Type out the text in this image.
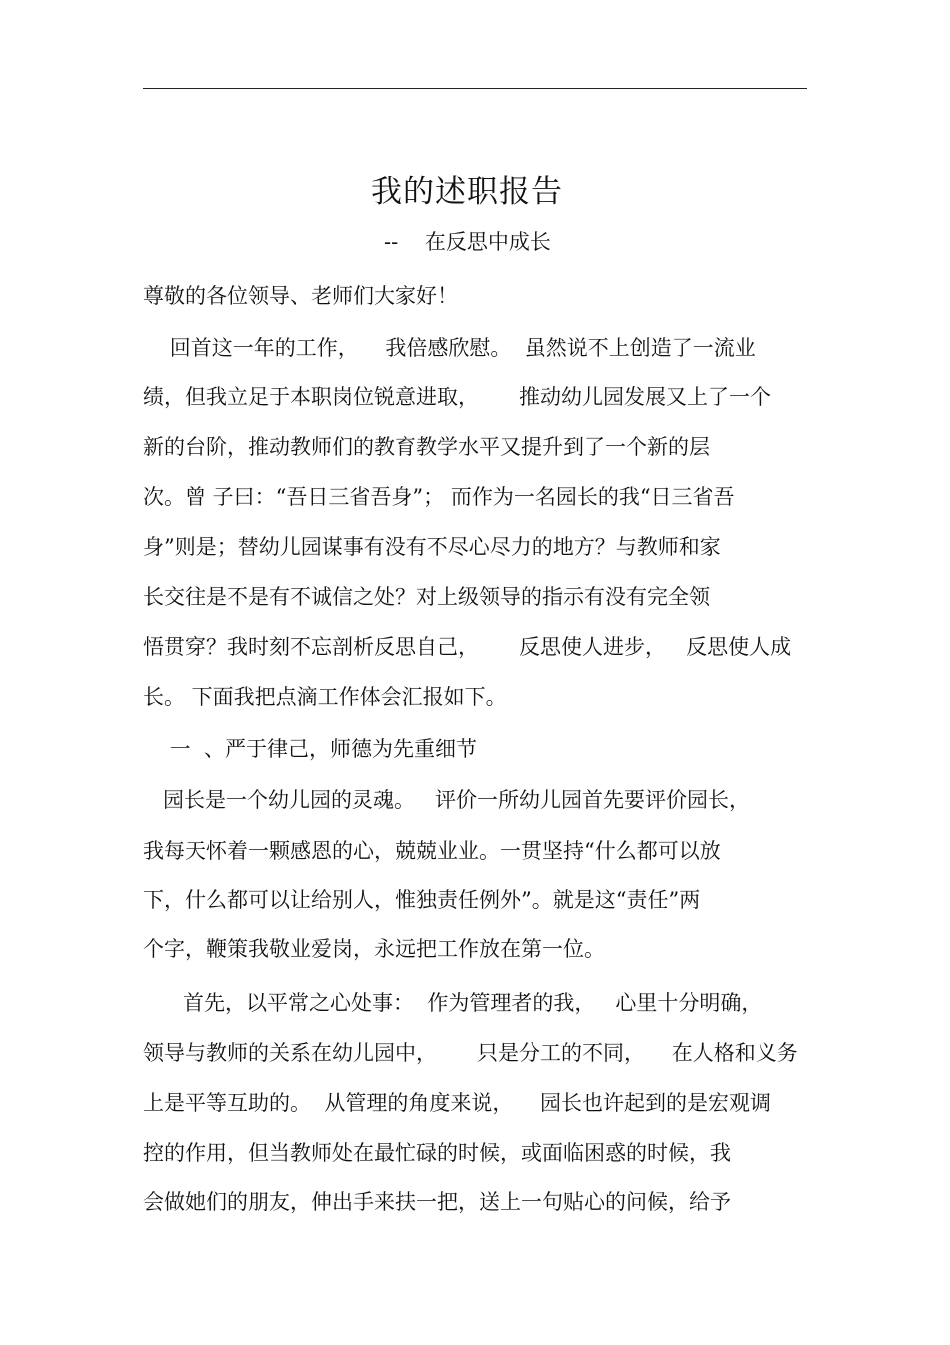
我的述职报告
--    在反思中成长
尊敬的各位领导、老师们大家好！
回首这一年的工作，    我倍感欣慰。  虽然说不上创造了一流业
绩，但我立足于本职岗位锐意进取，      推动幼儿园发展又上了一个
新的台阶，推动教师们的教育教学水平又提升到了一个新的层
次。曾 子曰：“吾日三省吾身”； 而作为一名园长的我“日三省吾
身”则是；替幼儿园谋事有没有不尽心尽力的地方？与教师和家
长交往是不是有不诚信之处？对上级领导的指示有没有完全领
悟贯穿？我时刻不忘剖析反思自己，      反思使人进步，   反思使人成
长。 下面我把点滴工作体会汇报如下。
一  、严于律己，师德为先重细节
园长是一个幼儿园的灵魂。   评价一所幼儿园首先要评价园长，
我每天怀着一颗感恩的心，兢兢业业。一贯坚持“什么都可以放
下，什么都可以让给别人，惟独责任例外”。就是这“责任”两
个字，鞭策我敬业爱岗，永远把工作放在第一位。
首先，以平常之心处事：  作为管理者的我，   心里十分明确，
领导与教师的关系在幼儿园中，      只是分工的不同，    在人格和义务
上是平等互助的。  从管理的角度来说，    园长也许起到的是宏观调
控的作用，但当教师处在最忙碌的时候，或面临困惑的时候，我
会做她们的朋友，伸出手来扶一把，送上一句贴心的问候，给予
